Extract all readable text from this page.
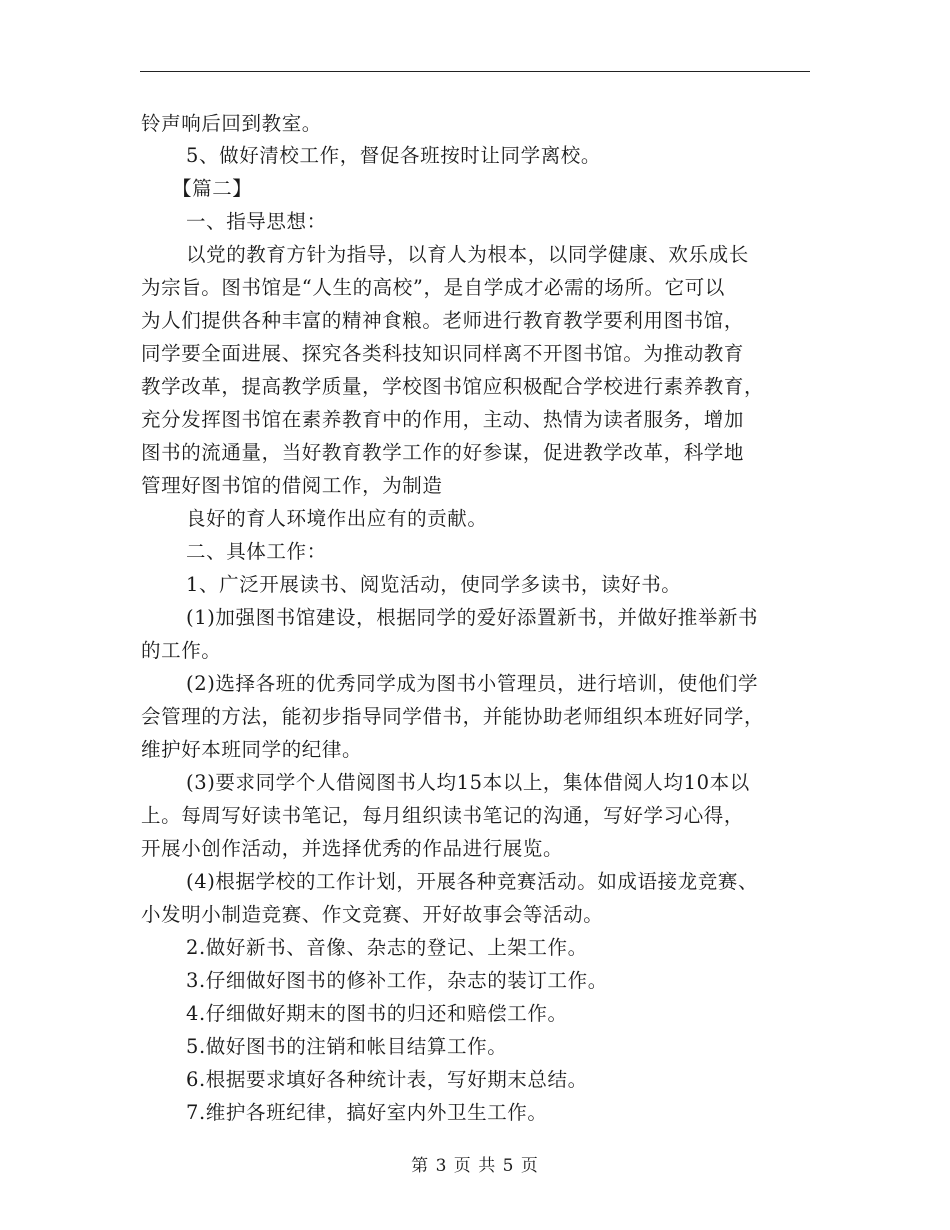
铃声响后回到教室。
5、做好清校工作，督促各班按时让同学离校。
【篇二】
一、指导思想：
以党的教育方针为指导，以育人为根本，以同学健康、欢乐成长
为宗旨。图书馆是“人生的高校”，是自学成才必需的场所。它可以
为人们提供各种丰富的精神食粮。老师进行教育教学要利用图书馆，
同学要全面进展、探究各类科技知识同样离不开图书馆。为推动教育
教学改革，提高教学质量，学校图书馆应积极配合学校进行素养教育，
充分发挥图书馆在素养教育中的作用，主动、热情为读者服务，增加
图书的流通量，当好教育教学工作的好参谋，促进教学改革，科学地
管理好图书馆的借阅工作，为制造
良好的育人环境作出应有的贡献。
二、具体工作：
1、广泛开展读书、阅览活动，使同学多读书，读好书。
(1)加强图书馆建设，根据同学的爱好添置新书，并做好推举新书
的工作。
(2)选择各班的优秀同学成为图书小管理员，进行培训，使他们学
会管理的方法，能初步指导同学借书，并能协助老师组织本班好同学，
维护好本班同学的纪律。
(3)要求同学个人借阅图书人均15本以上，集体借阅人均10本以
上。每周写好读书笔记，每月组织读书笔记的沟通，写好学习心得，
开展小创作活动，并选择优秀的作品进行展览。
(4)根据学校的工作计划，开展各种竞赛活动。如成语接龙竞赛、
小发明小制造竞赛、作文竞赛、开好故事会等活动。
2.做好新书、音像、杂志的登记、上架工作。
3.仔细做好图书的修补工作，杂志的装订工作。
4.仔细做好期末的图书的归还和赔偿工作。
5.做好图书的注销和帐目结算工作。
6.根据要求填好各种统计表，写好期末总结。
7.维护各班纪律，搞好室内外卫生工作。
第 3 页 共 5 页
